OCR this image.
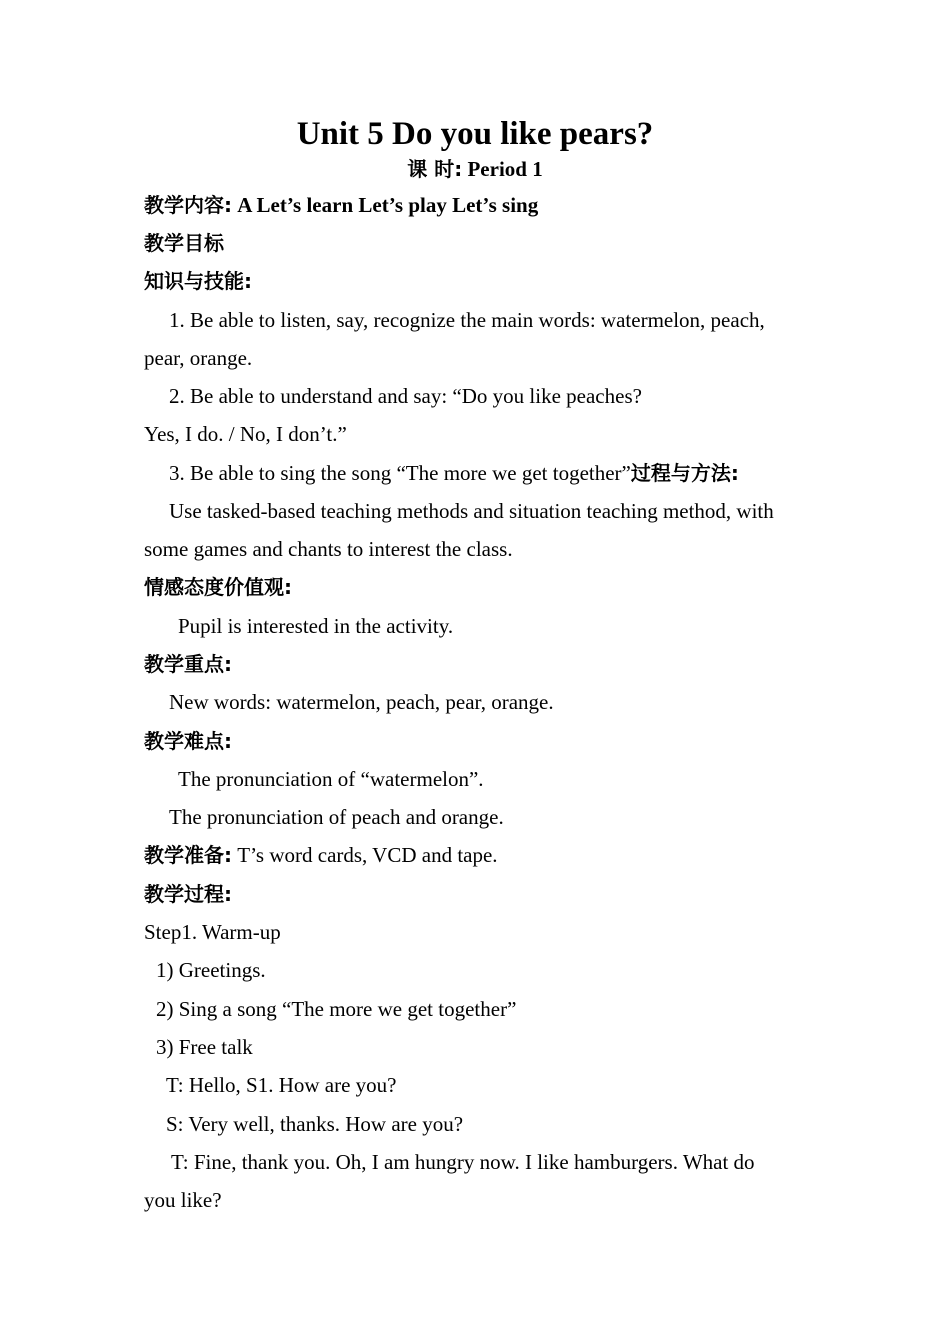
Unit 5 Do you like pears?
课 时: Period 1
教学内容: A Let’s learn Let’s play Let’s sing
教学目标
知识与技能:
1. Be able to listen, say, recognize the main words: watermelon, peach,
pear, orange.
2. Be able to understand and say: “Do you like peaches?
Yes, I do. / No, I don’t.”
3. Be able to sing the song “The more we get together”过程与方法:
Use tasked-based teaching methods and situation teaching method, with
some games and chants to interest the class.
情感态度价值观:
Pupil is interested in the activity.
教学重点:
New words: watermelon, peach, pear, orange.
教学难点:
The pronunciation of “watermelon”.
The pronunciation of peach and orange.
教学准备: T’s word cards, VCD and tape.
教学过程:
Step1. Warm-up
1) Greetings.
2) Sing a song “The more we get together”
3) Free talk
T: Hello, S1. How are you?
S: Very well, thanks. How are you?
T: Fine, thank you. Oh, I am hungry now. I like hamburgers. What do
you like?
